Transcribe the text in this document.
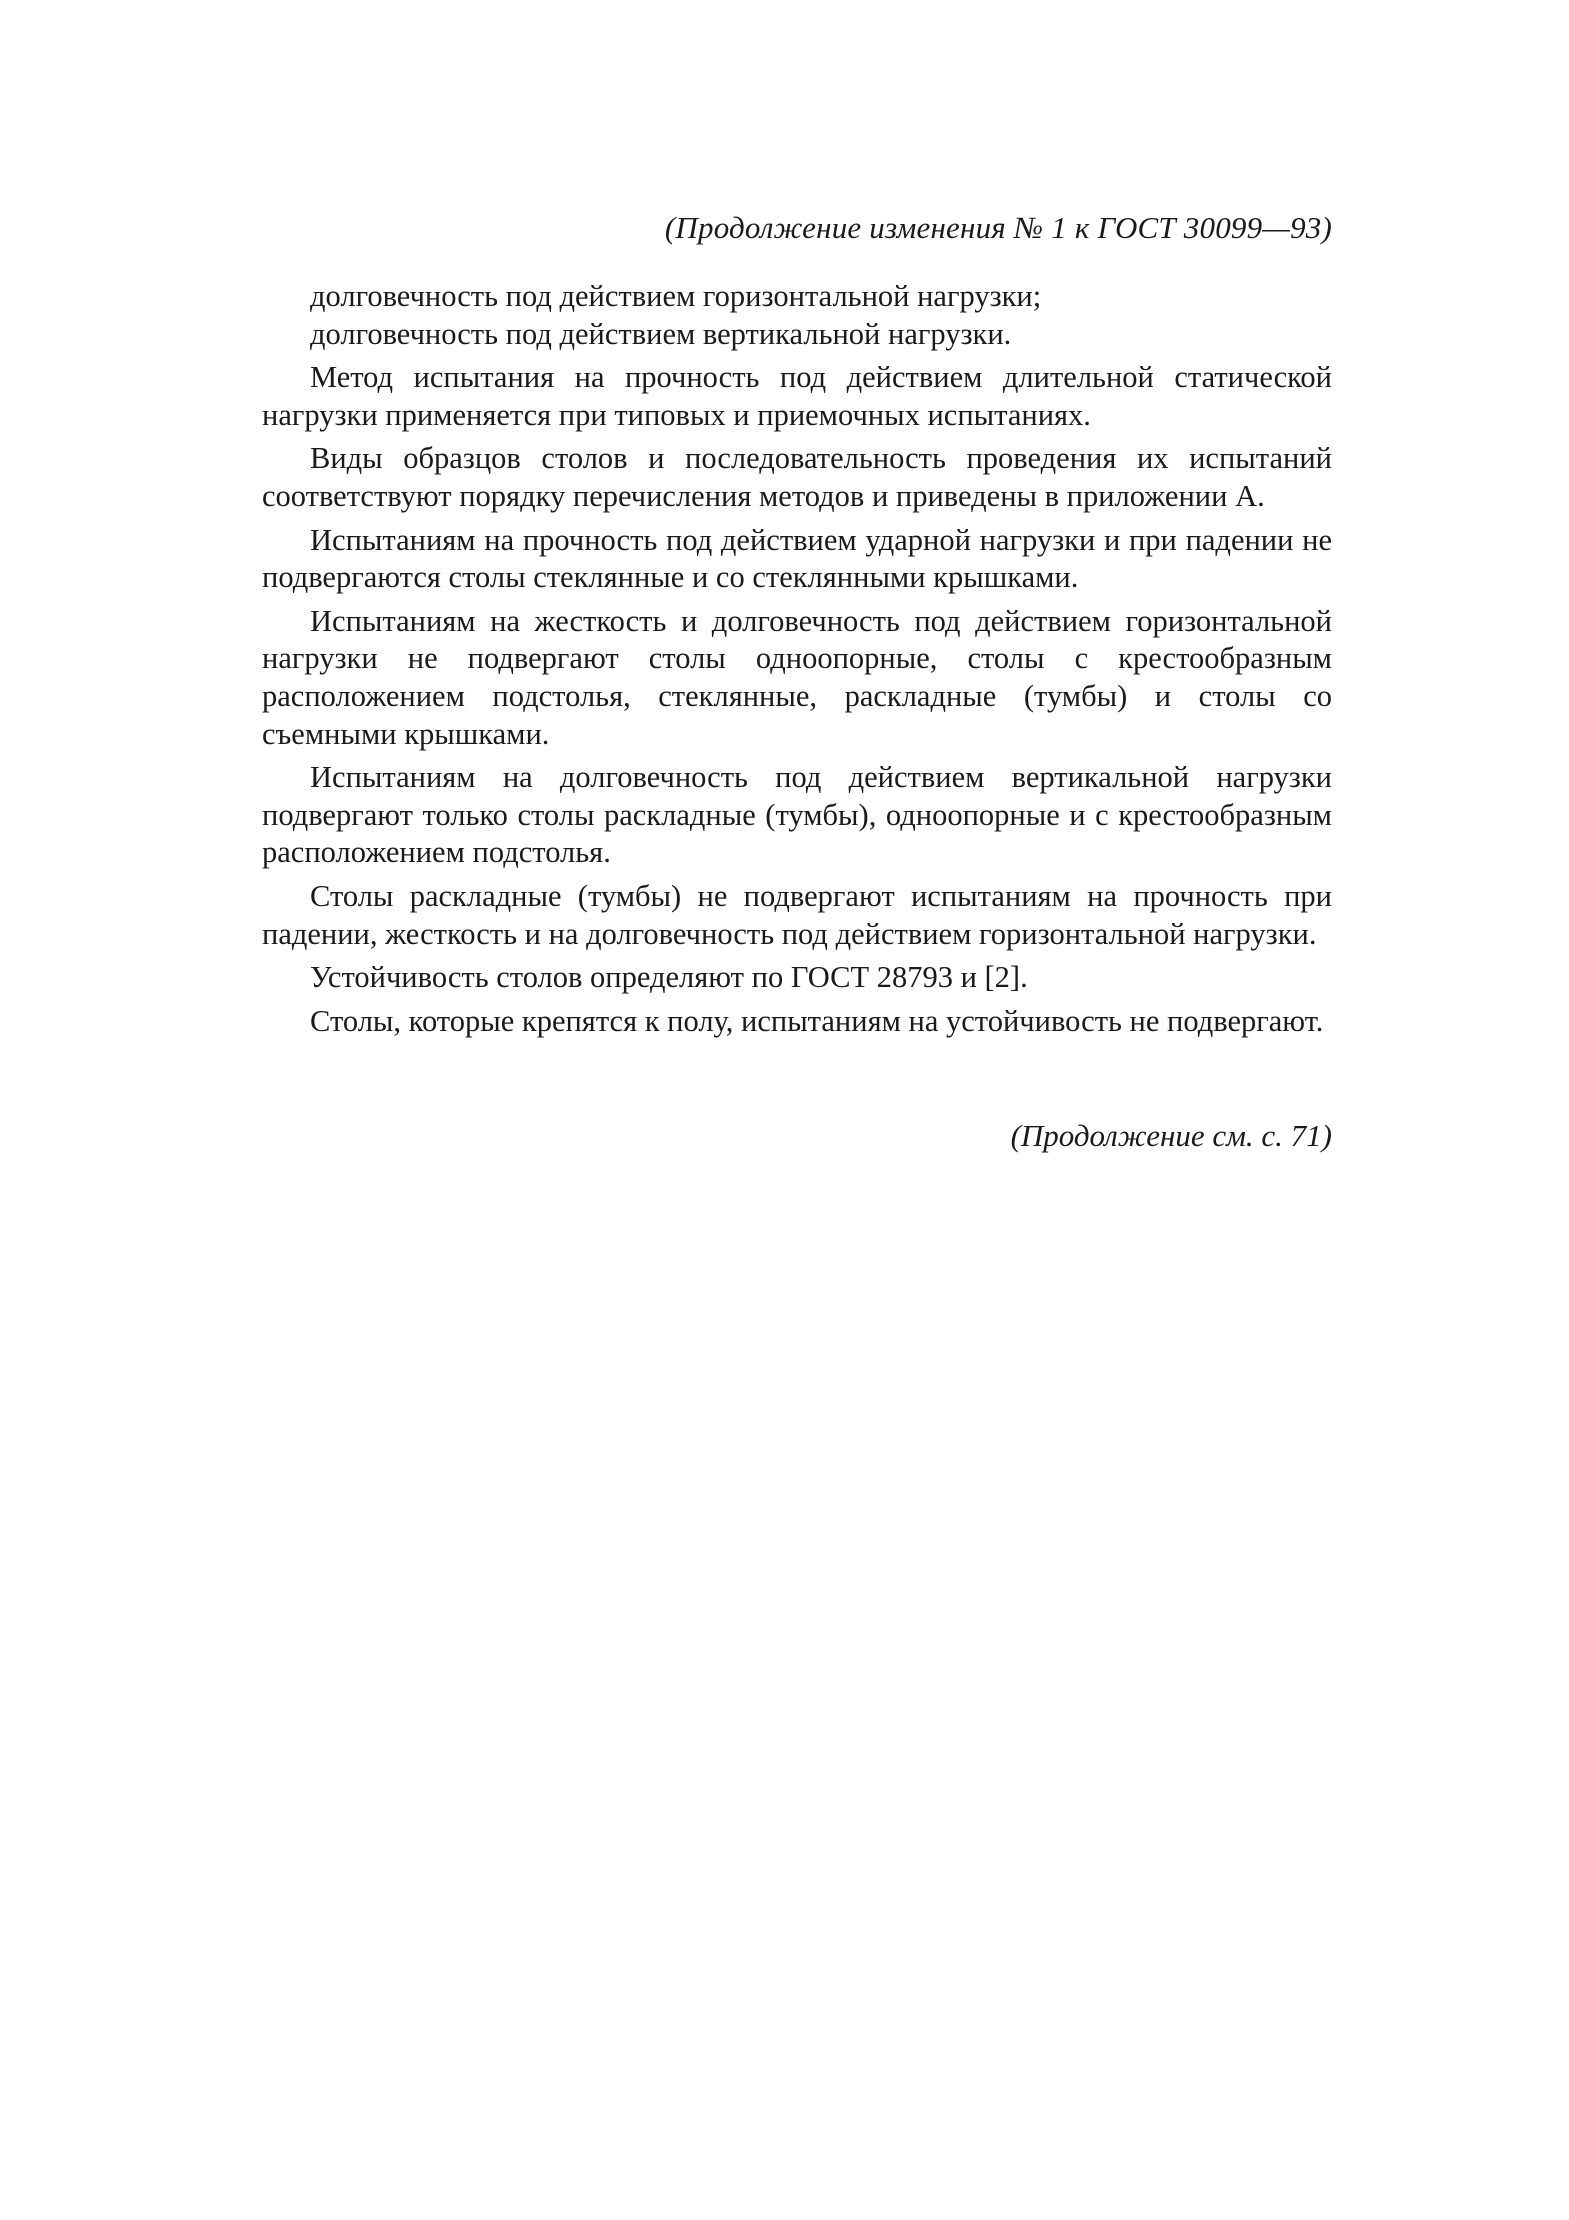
(Продолжение изменения № 1 к ГОСТ 30099—93)

долговечность под действием горизонтальной нагрузки;

долговечность под действием вертикальной нагрузки.

Метод испытания на прочность под действием длительной статической нагрузки применяется при типовых и приемочных испытаниях.

Виды образцов столов и последовательность проведения их испытаний соответствуют порядку перечисления методов и приведены в приложении А.

Испытаниям на прочность под действием ударной нагрузки и при падении не подвергаются столы стеклянные и со стеклянными крышками.

Испытаниям на жесткость и долговечность под действием горизонтальной нагрузки не подвергают столы одноопорные, столы с крестообразным расположением подстолья, стеклянные, раскладные (тумбы) и столы со съемными крышками.

Испытаниям на долговечность под действием вертикальной нагрузки подвергают только столы раскладные (тумбы), одноопорные и с крестообразным расположением подстолья.

Столы раскладные (тумбы) не подвергают испытаниям на прочность при падении, жесткость и на долговечность под действием горизонтальной нагрузки.

Устойчивость столов определяют по ГОСТ 28793 и [2].

Столы, которые крепятся к полу, испытаниям на устойчивость не подвергают.

(Продолжение см. с. 71)
